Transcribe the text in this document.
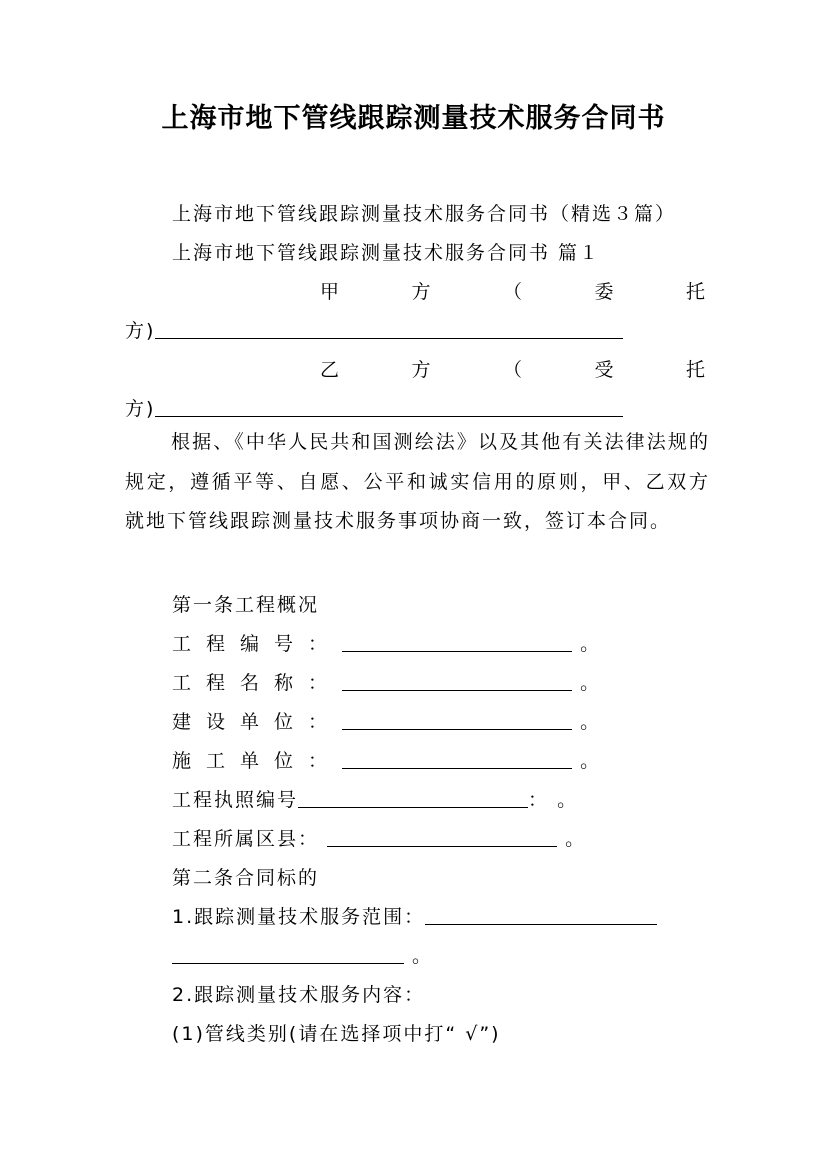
上海市地下管线跟踪测量技术服务合同书
上海市地下管线跟踪测量技术服务合同书（精选３篇）
上海市地下管线跟踪测量技术服务合同书 篇１
甲	方	（	委	托
方)
乙	方	（	受	托
方)
根据、《中华人民共和国测绘法》以及其他有关法律法规的规定，遵循平等、自愿、公平和诚实信用的原则，甲、乙双方就地下管线跟踪测量技术服务事项协商一致，签订本合同。
第一条工程概况
工程编号：	。
工程名称：	。
建设单位：	。
施工单位：	。
工程执照编号	： 。
工程所属区县：	。
第二条合同标的
1.跟踪测量技术服务范围：
。
2.跟踪测量技术服务内容：
(1)管线类别(请在选择项中打“ √”)
